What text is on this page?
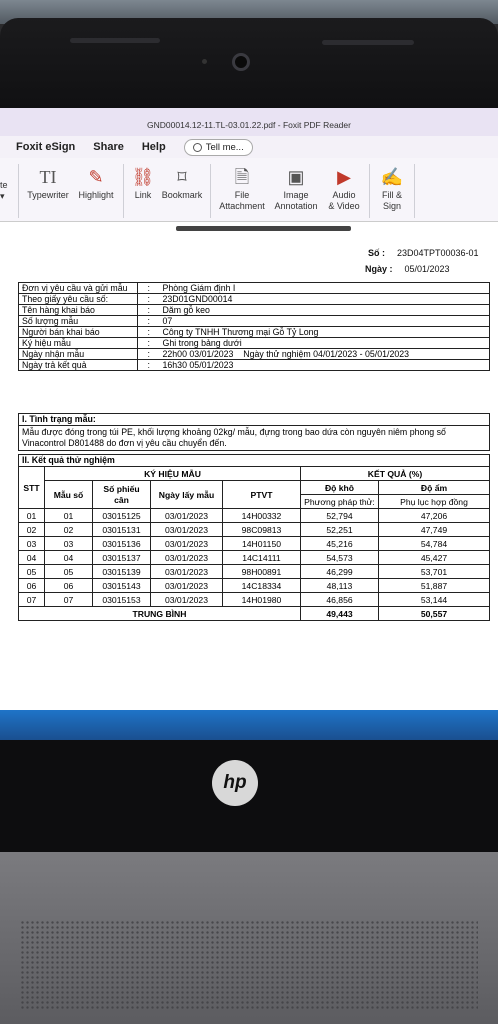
GND00014.12-11.TL-03.01.22.pdf - Foxit PDF Reader
Foxit eSign Share Help	Tell me...
te
▾
TI
Typewriter
✎
Highlight
⛓
Link
⌑
Bookmark
🗎
File
Attachment
▣
Image
Annotation
▶
Audio
& Video
✍
Fill &
Sign
Số : 23D04TPT00036-01
Ngày : 05/01/2023
Đơn vị yêu cầu và gửi mẫu	:	Phòng Giám định I
Theo giấy yêu cầu số:	:	23D01GND00014
Tên hàng khai báo	:	Dăm gỗ keo
Số lượng mẫu	:	07
Người bán khai báo	:	Công ty TNHH Thương mại Gỗ Tỷ Long
Ký hiệu mẫu	:	Ghi trong bảng dưới
Ngày nhận mẫu	:	22h00 03/01/2023    Ngày thử nghiệm 04/01/2023 - 05/01/2023
Ngày trả kết quả	:	16h30 05/01/2023
I. Tình trạng mẫu:
Mẫu được đóng trong túi PE, khối lượng khoảng 02kg/ mẫu, đựng trong bao dứa còn nguyên niêm phong số Vinacontrol D801488 do đơn vị yêu cầu chuyển đến.
II. Kết quả thử nghiệm
STT	KÝ HIỆU MẪU				KẾT QUẢ (%)	
	Mẫu số	Số phiếu cân	Ngày lấy mẫu	PTVT	Độ khô	Độ ẩm
					Phương pháp thử:	Phụ lục hợp đồng
01	01	03015125	03/01/2023	14H00332	52,794	47,206
02	02	03015131	03/01/2023	98C09813	52,251	47,749
03	03	03015136	03/01/2023	14H01150	45,216	54,784
04	04	03015137	03/01/2023	14C14111	54,573	45,427
05	05	03015139	03/01/2023	98H00891	46,299	53,701
06	06	03015143	03/01/2023	14C18334	48,113	51,887
07	07	03015153	03/01/2023	14H01980	46,856	53,144
TRUNG BÌNH					49,443	50,557
hp
